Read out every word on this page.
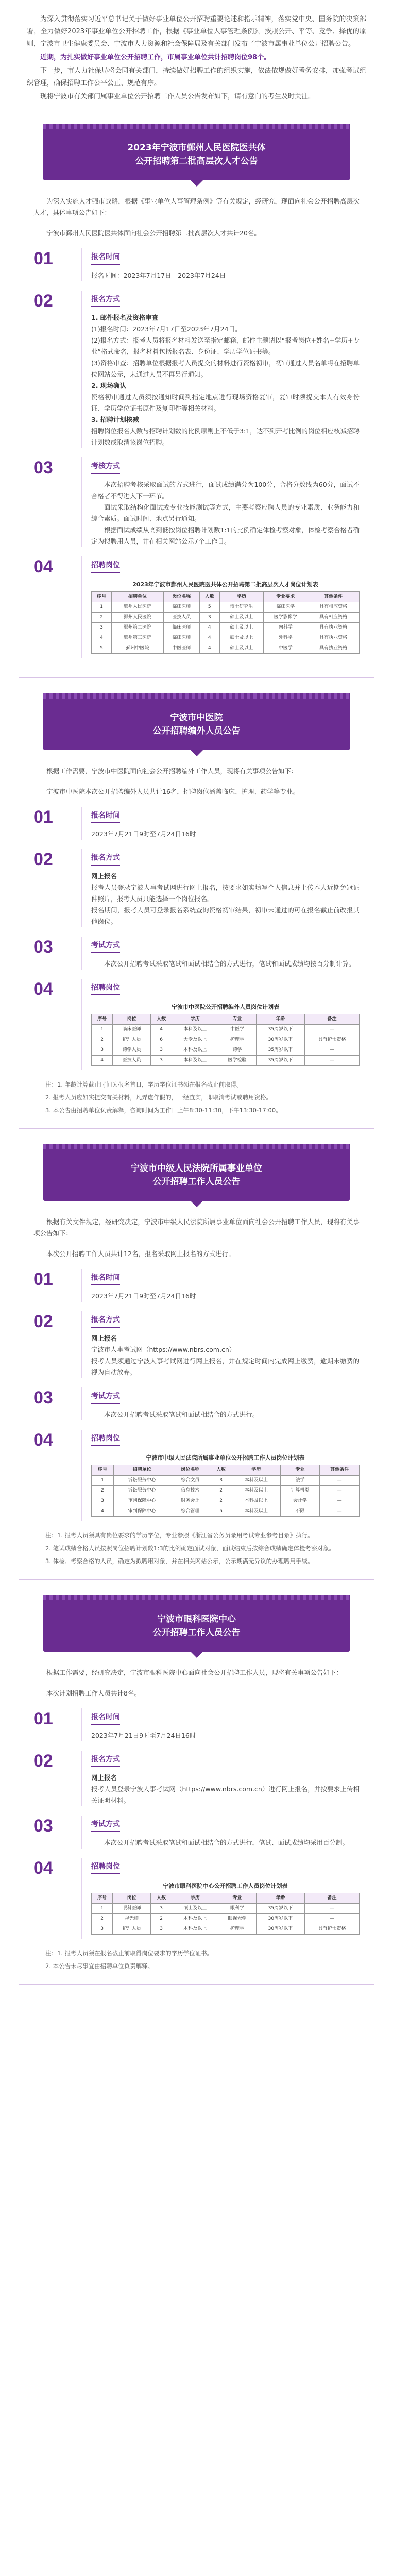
为深入贯彻落实习近平总书记关于做好事业单位公开招聘重要论述和指示精神，落实党中央、国务院的决策部署，全力做好2023年事业单位公开招聘工作，根据《事业单位人事管理条例》，按照公开、平等、竞争、择优的原则，宁波市卫生健康委员会、宁波市人力资源和社会保障局及有关部门发布了宁波市属事业单位公开招聘公告。

近期，为扎实做好事业单位公开招聘工作，市属事业单位共计招聘岗位98个。

下一步，市人力社保局将会同有关部门，持续做好招聘工作的组织实施，依法依规做好考务安排，加强考试组织管理，确保招聘工作公平公正、规范有序。

现将宁波市有关部门属事业单位公开招聘工作人员公告发布如下，请有意向的考生及时关注。

2023年宁波市鄞州人民医院医共体
公开招聘第二批高层次人才公告

为深入实施人才强市战略，根据《事业单位人事管理条例》等有关规定，经研究，现面向社会公开招聘高层次人才，具体事项公告如下：

宁波市鄞州人民医院医共体面向社会公开招聘第二批高层次人才共计20名。

01	报名时间

报名时间：2023年7月17日—2023年7月24日

02	报名方式

1. 邮件报名及资格审查

(1)报名时间：2023年7月17日至2023年7月24日。

(2)报名方式：报考人员将报名材料发送至指定邮箱，邮件主题请以“报考岗位+姓名+学历+专业”格式命名，报名材料包括报名表、身份证、学历学位证书等。

(3)资格审查：招聘单位根据报考人员提交的材料进行资格初审，初审通过人员名单将在招聘单位网站公示，未通过人员不再另行通知。

2. 现场确认

资格初审通过人员须按通知时间到指定地点进行现场资格复审，复审时须提交本人有效身份证、学历学位证书原件及复印件等相关材料。

3. 招聘计划核减

招聘岗位报名人数与招聘计划数的比例原则上不低于3:1，达不到开考比例的岗位相应核减招聘计划数或取消该岗位招聘。

03	考核方式

本次招聘考核采取面试的方式进行，面试成绩满分为100分，合格分数线为60分，面试不合格者不得进入下一环节。

面试采取结构化面试或专业技能测试等方式，主要考察应聘人员的专业素质、业务能力和综合素质。面试时间、地点另行通知。

根据面试成绩从高到低按岗位招聘计划数1:1的比例确定体检考察对象，体检考察合格者确定为拟聘用人员，并在相关网站公示7个工作日。

04	招聘岗位
2023年宁波市鄞州人民医院医共体公开招聘第二批高层次人才岗位计划表
序号	招聘单位	岗位名称	人数	学历	专业要求	其他条件
1	鄞州人民医院	临床医师	5	博士研究生	临床医学	具有相应资格
2	鄞州人民医院	医技人员	3	硕士及以上	医学影像学	具有相应资格
3	鄞州第二医院	临床医师	4	硕士及以上	内科学	具有执业资格
4	鄞州第三医院	临床医师	4	硕士及以上	外科学	具有执业资格
5	鄞州中医院	中医医师	4	硕士及以上	中医学	具有执业资格
宁波市中医院
公开招聘编外人员公告

根据工作需要，宁波市中医院面向社会公开招聘编外工作人员，现将有关事项公告如下：

宁波市中医院本次公开招聘编外人员共计16名，招聘岗位涵盖临床、护理、药学等专业。

01	报名时间

2023年7月21日9时至7月24日16时

02	报名方式

网上报名

报考人员登录宁波人事考试网进行网上报名，按要求如实填写个人信息并上传本人近期免冠证件照片，报考人员只能选择一个岗位报名。

报名期间，报考人员可登录报名系统查询资格初审结果，初审未通过的可在报名截止前改报其他岗位。

03	考试方式

本次公开招聘考试采取笔试和面试相结合的方式进行，笔试和面试成绩均按百分制计算。

04	招聘岗位
宁波市中医院公开招聘编外人员岗位计划表
序号	岗位	人数	学历	专业	年龄	备注
1	临床医师	4	本科及以上	中医学	35周岁以下	—
2	护理人员	6	大专及以上	护理学	30周岁以下	具有护士资格
3	药学人员	3	本科及以上	药学	35周岁以下	—
4	医技人员	3	本科及以上	医学检验	35周岁以下	—

注：1. 年龄计算截止时间为报名首日，学历学位证书须在报名截止前取得。

2. 报考人员应如实提交有关材料，凡弄虚作假的，一经查实，即取消考试或聘用资格。

3. 本公告由招聘单位负责解释，咨询时间为工作日上午8:30-11:30，下午13:30-17:00。

宁波市中级人民法院所属事业单位
公开招聘工作人员公告

根据有关文件规定，经研究决定，宁波市中级人民法院所属事业单位面向社会公开招聘工作人员，现将有关事项公告如下：

本次公开招聘工作人员共计12名，报名采取网上报名的方式进行。

01	报名时间

2023年7月21日9时至7月24日16时

02	报名方式

网上报名

宁波市人事考试网（https://www.nbrs.com.cn）

报考人员须通过宁波人事考试网进行网上报名，并在规定时间内完成网上缴费，逾期未缴费的视为自动放弃。

03	考试方式

本次公开招聘考试采取笔试和面试相结合的方式进行。

04	招聘岗位
宁波市中级人民法院所属事业单位公开招聘工作人员岗位计划表
序号	招聘单位	岗位名称	人数	学历	专业	其他条件
1	诉讼服务中心	综合文员	3	本科及以上	法学	—
2	诉讼服务中心	信息技术	2	本科及以上	计算机类	—
3	审判保障中心	财务会计	2	本科及以上	会计学	—
4	审判保障中心	综合管理	5	本科及以上	不限	—

注：1. 报考人员须具有岗位要求的学历学位，专业参照《浙江省公务员录用考试专业参考目录》执行。

2. 笔试成绩合格人员按照岗位招聘计划数1:3的比例确定面试对象，面试结束后按综合成绩确定体检考察对象。

3. 体检、考察合格的人员，确定为拟聘用对象，并在相关网站公示，公示期满无异议的办理聘用手续。

宁波市眼科医院中心
公开招聘工作人员公告

根据工作需要，经研究决定，宁波市眼科医院中心面向社会公开招聘工作人员，现将有关事项公告如下：

本次计划招聘工作人员共计8名。

01	报名时间

2023年7月21日9时至7月24日16时

02	报名方式

网上报名

报考人员登录宁波人事考试网（https://www.nbrs.com.cn）进行网上报名，并按要求上传相关证明材料。

03	考试方式

本次公开招聘考试采取笔试和面试相结合的方式进行，笔试、面试成绩均采用百分制。

04	招聘岗位
宁波市眼科医院中心公开招聘工作人员岗位计划表
序号	岗位	人数	学历	专业	年龄	备注
1	眼科医师	3	硕士及以上	眼科学	35周岁以下	—
2	视光师	2	本科及以上	眼视光学	30周岁以下	—
3	护理人员	3	本科及以上	护理学	30周岁以下	具有护士资格

注：1. 报考人员须在报名截止前取得岗位要求的学历学位证书。

2. 本公告未尽事宜由招聘单位负责解释。
